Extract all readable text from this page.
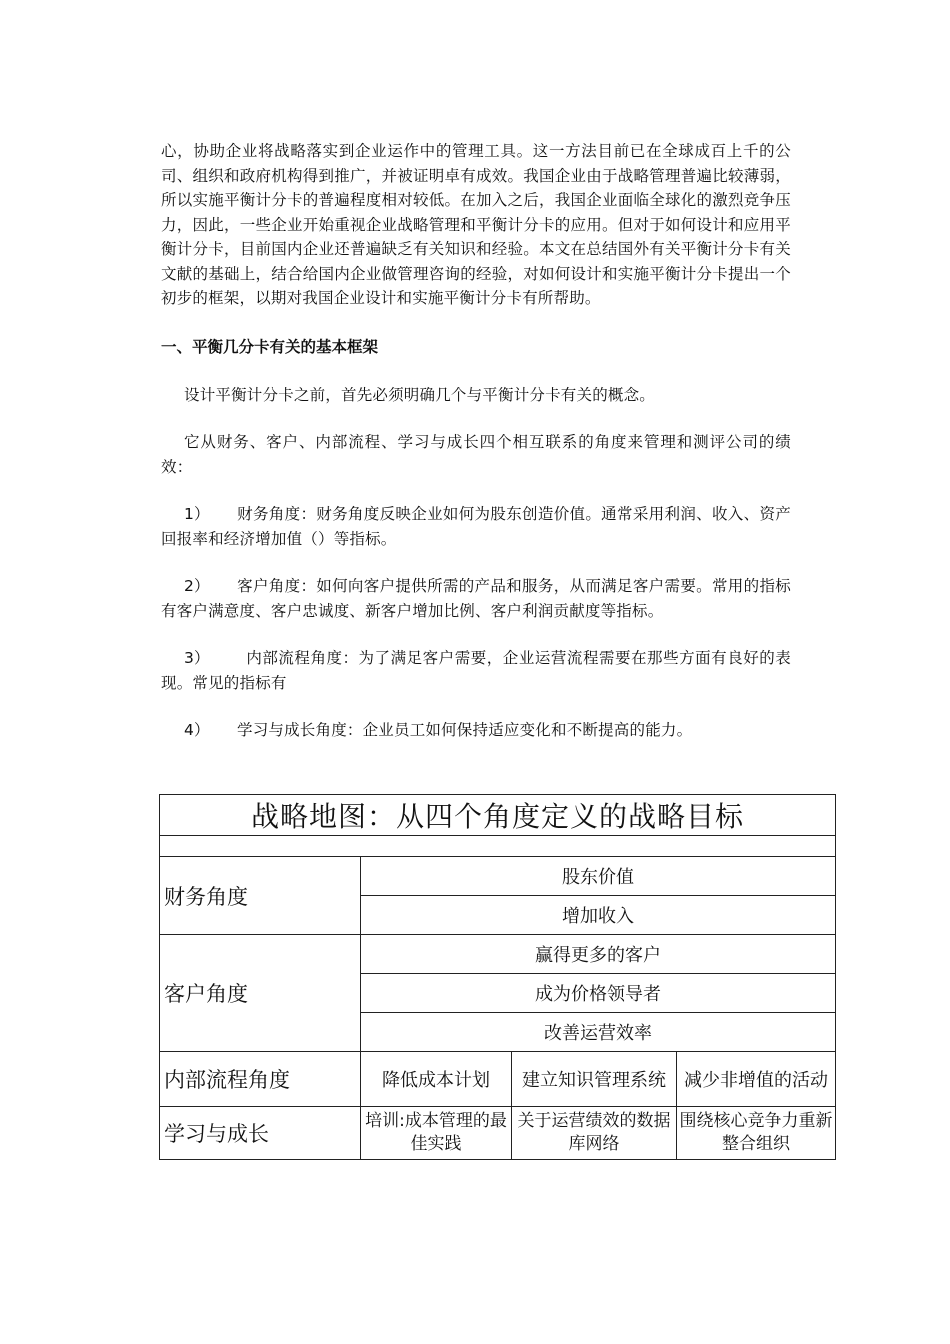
心，协助企业将战略落实到企业运作中的管理工具。这一方法目前已在全球成百上千的公司、组织和政府机构得到推广，并被证明卓有成效。我国企业由于战略管理普遍比较薄弱，所以实施平衡计分卡的普遍程度相对较低。在加入之后，我国企业面临全球化的激烈竞争压力，因此，一些企业开始重视企业战略管理和平衡计分卡的应用。但对于如何设计和应用平衡计分卡，目前国内企业还普遍缺乏有关知识和经验。本文在总结国外有关平衡计分卡有关文献的基础上，结合给国内企业做管理咨询的经验，对如何设计和实施平衡计分卡提出一个初步的框架，以期对我国企业设计和实施平衡计分卡有所帮助。

一、平衡几分卡有关的基本框架

设计平衡计分卡之前，首先必须明确几个与平衡计分卡有关的概念。

它从财务、客户、内部流程、学习与成长四个相互联系的角度来管理和测评公司的绩效：

1） 财务角度：财务角度反映企业如何为股东创造价值。通常采用利润、收入、资产回报率和经济增加值（）等指标。

2） 客户角度：如何向客户提供所需的产品和服务，从而满足客户需要。常用的指标有客户满意度、客户忠诚度、新客户增加比例、客户利润贡献度等指标。

3） 内部流程角度：为了满足客户需要，企业运营流程需要在那些方面有良好的表现。常见的指标有

4） 学习与成长角度：企业员工如何保持适应变化和不断提高的能力。

战略地图：从四个角度定义的战略目标			

财务角度	股东价值		
	增加收入		
客户角度	赢得更多的客户		
	成为价格领导者		
	改善运营效率		
内部流程角度	降低成本计划	建立知识管理系统	减少非增值的活动
学习与成长	培训:成本管理的最佳实践	关于运营绩效的数据库网络	围绕核心竞争力重新整合组织
